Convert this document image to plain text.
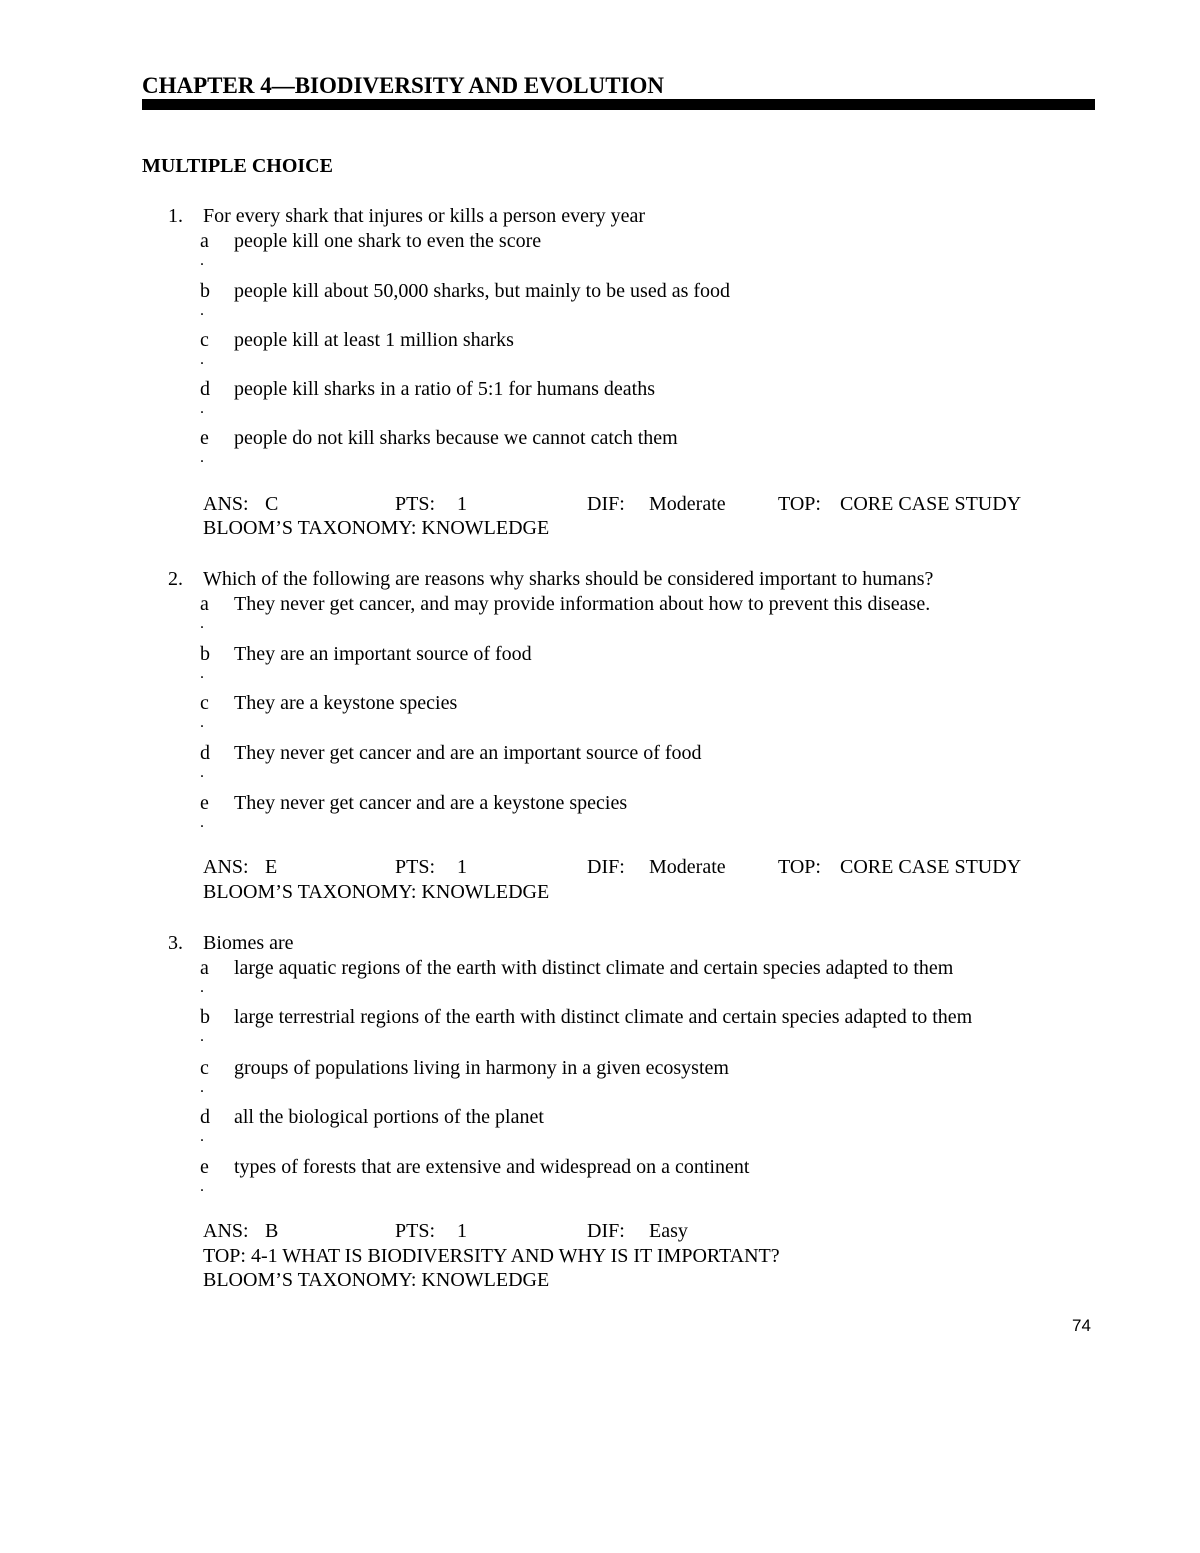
CHAPTER 4—BIODIVERSITY AND EVOLUTION
MULTIPLE CHOICE
1. For every shark that injures or kills a person every year
a
.
people kill one shark to even the score
b
.
people kill about 50,000 sharks, but mainly to be used as food
c
.
people kill at least 1 million sharks
d
.
people kill sharks in a ratio of 5:1 for humans deaths
e
.
people do not kill sharks because we cannot catch them
ANS: C	PTS: 1	DIF: Moderate	TOP: CORE CASE STUDY
BLOOM’S TAXONOMY: KNOWLEDGE
2. Which of the following are reasons why sharks should be considered important to humans?
a
.
They never get cancer, and may provide information about how to prevent this disease.
b
.
They are an important source of food
c
.
They are a keystone species
d
.
They never get cancer and are an important source of food
e
.
They never get cancer and are a keystone species
ANS: E	PTS: 1	DIF: Moderate	TOP: CORE CASE STUDY
BLOOM’S TAXONOMY: KNOWLEDGE
3. Biomes are
a
.
large aquatic regions of the earth with distinct climate and certain species adapted to them
b
.
large terrestrial regions of the earth with distinct climate and certain species adapted to them
c
.
groups of populations living in harmony in a given ecosystem
d
.
all the biological portions of the planet
e
.
types of forests that are extensive and widespread on a continent
ANS: B	PTS: 1	DIF: Easy
TOP: 4-1 WHAT IS BIODIVERSITY AND WHY IS IT IMPORTANT?
BLOOM’S TAXONOMY: KNOWLEDGE
74
